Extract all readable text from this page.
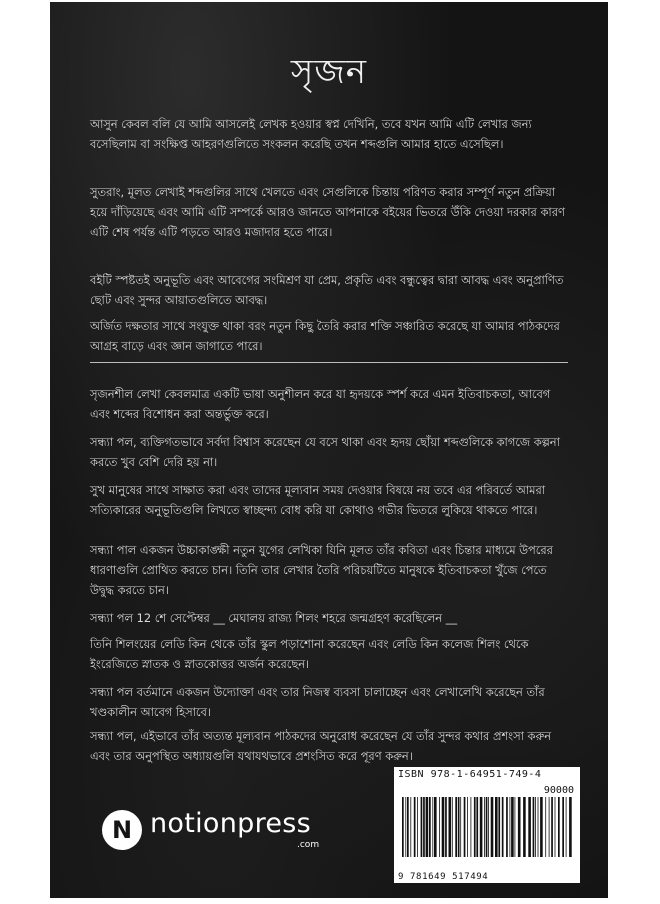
সৃজন

আসুন কেবল বলি যে আমি আসলেই লেখক হওয়ার স্বপ্ন দেখিনি, তবে যখন আমি এটি লেখার জন্য বসেছিলাম বা সংক্ষিপ্ত আহরণগুলিতে সংকলন করেছি তখন শব্দগুলি আমার হাতে এসেছিল।

সুতরাং, মূলত লেখাই শব্দগুলির সাথে খেলতে এবং সেগুলিকে চিন্তায় পরিণত করার সম্পূর্ণ নতুন প্রক্রিয়া হয়ে দাঁড়িয়েছে এবং আমি এটি সম্পর্কে আরও জানতে আপনাকে বইয়ের ভিতরে উঁকি দেওয়া দরকার কারণ এটি শেষ পর্যন্ত এটি পড়তে আরও মজাদার হতে পারে।

বইটি স্পষ্টতই অনুভূতি এবং আবেগের সংমিশ্রণ যা প্রেম, প্রকৃতি এবং বন্ধুত্বের দ্বারা আবদ্ধ এবং অনুপ্রাণিত ছোট এবং সুন্দর আয়াতগুলিতে আবদ্ধ।

অর্জিত দক্ষতার সাথে সংযুক্ত থাকা বরং নতুন কিছু তৈরি করার শক্তি সঞ্চারিত করেছে যা আমার পাঠকদের আগ্রহ বাড়ে এবং জ্ঞান জাগাতে পারে।

সৃজনশীল লেখা কেবলমাত্র একটি ভাষা অনুশীলন করে যা হৃদয়কে স্পর্শ করে এমন ইতিবাচকতা, আবেগ এবং শব্দের বিশোধন করা অন্তর্ভুক্ত করে।

সন্ধ্যা পল, ব্যক্তিগতভাবে সর্বদা বিশ্বাস করেছেন যে বসে থাকা এবং হৃদয় ছোঁয়া শব্দগুলিকে কাগজে কল্পনা করতে খুব বেশি দেরি হয় না।

সুখ মানুষের সাথে সাক্ষাত করা এবং তাদের মূল্যবান সময় দেওয়ার বিষয়ে নয় তবে এর পরিবর্তে আমরা সত্যিকারের অনুভূতিগুলি লিখতে স্বাচ্ছন্দ্য বোধ করি যা কোথাও গভীর ভিতরে লুকিয়ে থাকতে পারে।

সন্ধ্যা পাল একজন উচ্চাকাঙ্ক্ষী নতুন যুগের লেখিকা যিনি মূলত তাঁর কবিতা এবং চিন্তার মাধ্যমে উপরের ধারণাগুলি প্রোথিত করতে চান। তিনি তার লেখার তৈরি পরিচয়টিতে মানুষকে ইতিবাচকতা খুঁজে পেতে উদ্বুদ্ধ করতে চান।

সন্ধ্যা পল 12 শে সেপ্টেম্বর __ মেঘালয় রাজ্য শিলং শহরে জন্মগ্রহণ করেছিলেন __

তিনি শিলংয়ের লেডি কিন থেকে তাঁর স্কুল পড়াশোনা করেছেন এবং লেডি কিন কলেজ শিলং থেকে ইংরেজিতে স্নাতক ও স্নাতকোত্তর অর্জন করেছেন।

সন্ধ্যা পল বর্তমানে একজন উদ্যোক্তা এবং তার নিজস্ব ব্যবসা চালাচ্ছেন এবং লেখালেখি করেছেন তাঁর খণ্ডকালীন আবেগ হিসাবে।

সন্ধ্যা পল, এইভাবে তাঁর অত্যন্ত মূল্যবান পাঠকদের অনুরোধ করেছেন যে তাঁর সুন্দর কথার প্রশংসা করুন এবং তার অনুপস্থিত অধ্যায়গুলি যথাযথভাবে প্রশংসিত করে পূরণ করুন।

ISBN 978-1-64951-749-4
90000
9 781649 517494
N notionpress
.com
